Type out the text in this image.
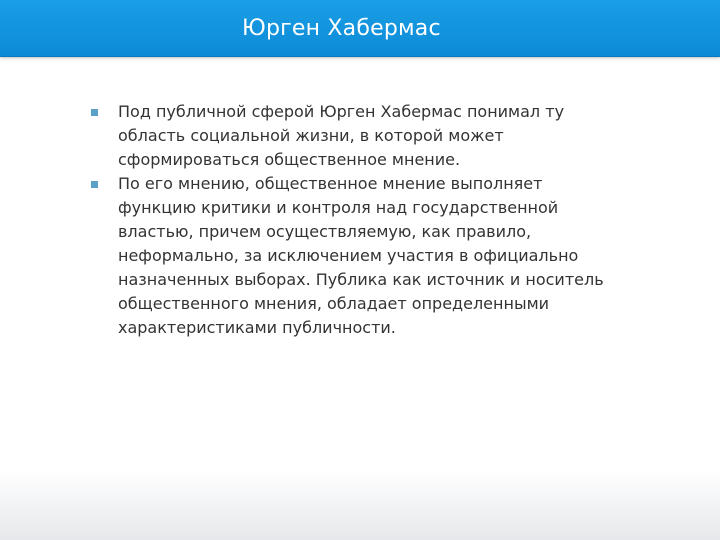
Юрген Хабермас
Под публичной сферой Юрген Хабермас понимал ту
область социальной жизни, в которой может
сформироваться общественное мнение.
По его мнению, общественное мнение выполняет
функцию критики и контроля над государственной
властью, причем осуществляемую, как правило,
неформально, за исключением участия в официально
назначенных выборах. Публика как источник и носитель
общественного мнения, обладает определенными
характеристиками публичности.
